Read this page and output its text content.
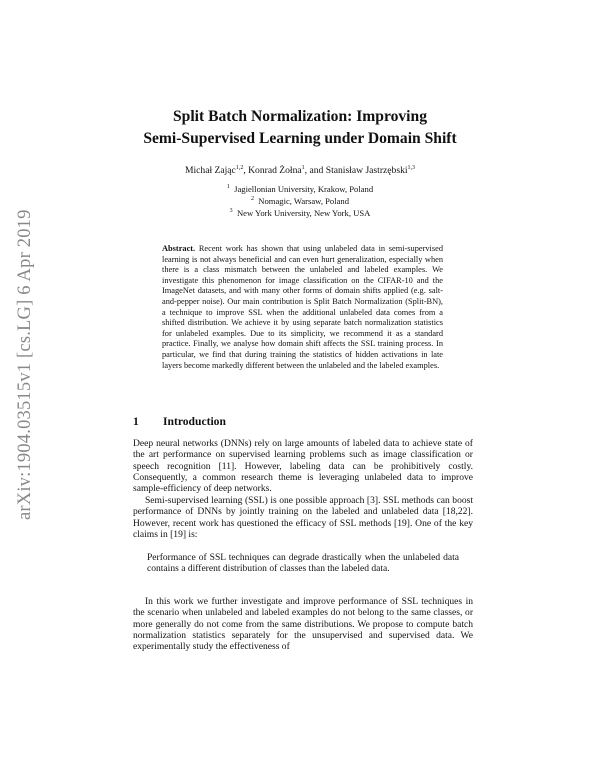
arXiv:1904.03515v1 [cs.LG] 6 Apr 2019
Split Batch Normalization: Improving
Semi-Supervised Learning under Domain Shift
Michał Zając$^{1,2}$, Konrad Żołna$^1$, and Stanisław Jastrzębski$^{1,3}$
$^1$ Jagiellonian University, Krakow, Poland
$^2$ Nomagic, Warsaw, Poland
$^3$ New York University, New York, USA

Abstract. Recent work has shown that using unlabeled data in semi-supervised learning is not always beneficial and can even hurt generalization, especially when there is a class mismatch between the unlabeled and labeled examples. We investigate this phenomenon for image classification on the CIFAR-10 and the ImageNet datasets, and with many other forms of domain shifts applied (e.g. salt-and-pepper noise). Our main contribution is Split Batch Normalization (Split-BN), a technique to improve SSL when the additional unlabeled data comes from a shifted distribution. We achieve it by using separate batch normalization statistics for unlabeled examples. Due to its simplicity, we recommend it as a standard practice. Finally, we analyse how domain shift affects the SSL training process. In particular, we find that during training the statistics of hidden activations in late layers become markedly different between the unlabeled and the labeled examples.

1 Introduction

Deep neural networks (DNNs) rely on large amounts of labeled data to achieve state of the art performance on supervised learning problems such as image classification or speech recognition [11]. However, labeling data can be prohibitively costly. Consequently, a common research theme is leveraging unlabeled data to improve sample-efficiency of deep networks.

Semi-supervised learning (SSL) is one possible approach [3]. SSL methods can boost performance of DNNs by jointly training on the labeled and unlabeled data [18,22]. However, recent work has questioned the efficacy of SSL methods [19]. One of the key claims in [19] is:

Performance of SSL techniques can degrade drastically when the unlabeled data contains a different distribution of classes than the labeled data.

In this work we further investigate and improve performance of SSL techniques in the scenario when unlabeled and labeled examples do not belong to the same classes, or more generally do not come from the same distributions. We propose to compute batch normalization statistics separately for the unsupervised and supervised data. We experimentally study the effectiveness of
